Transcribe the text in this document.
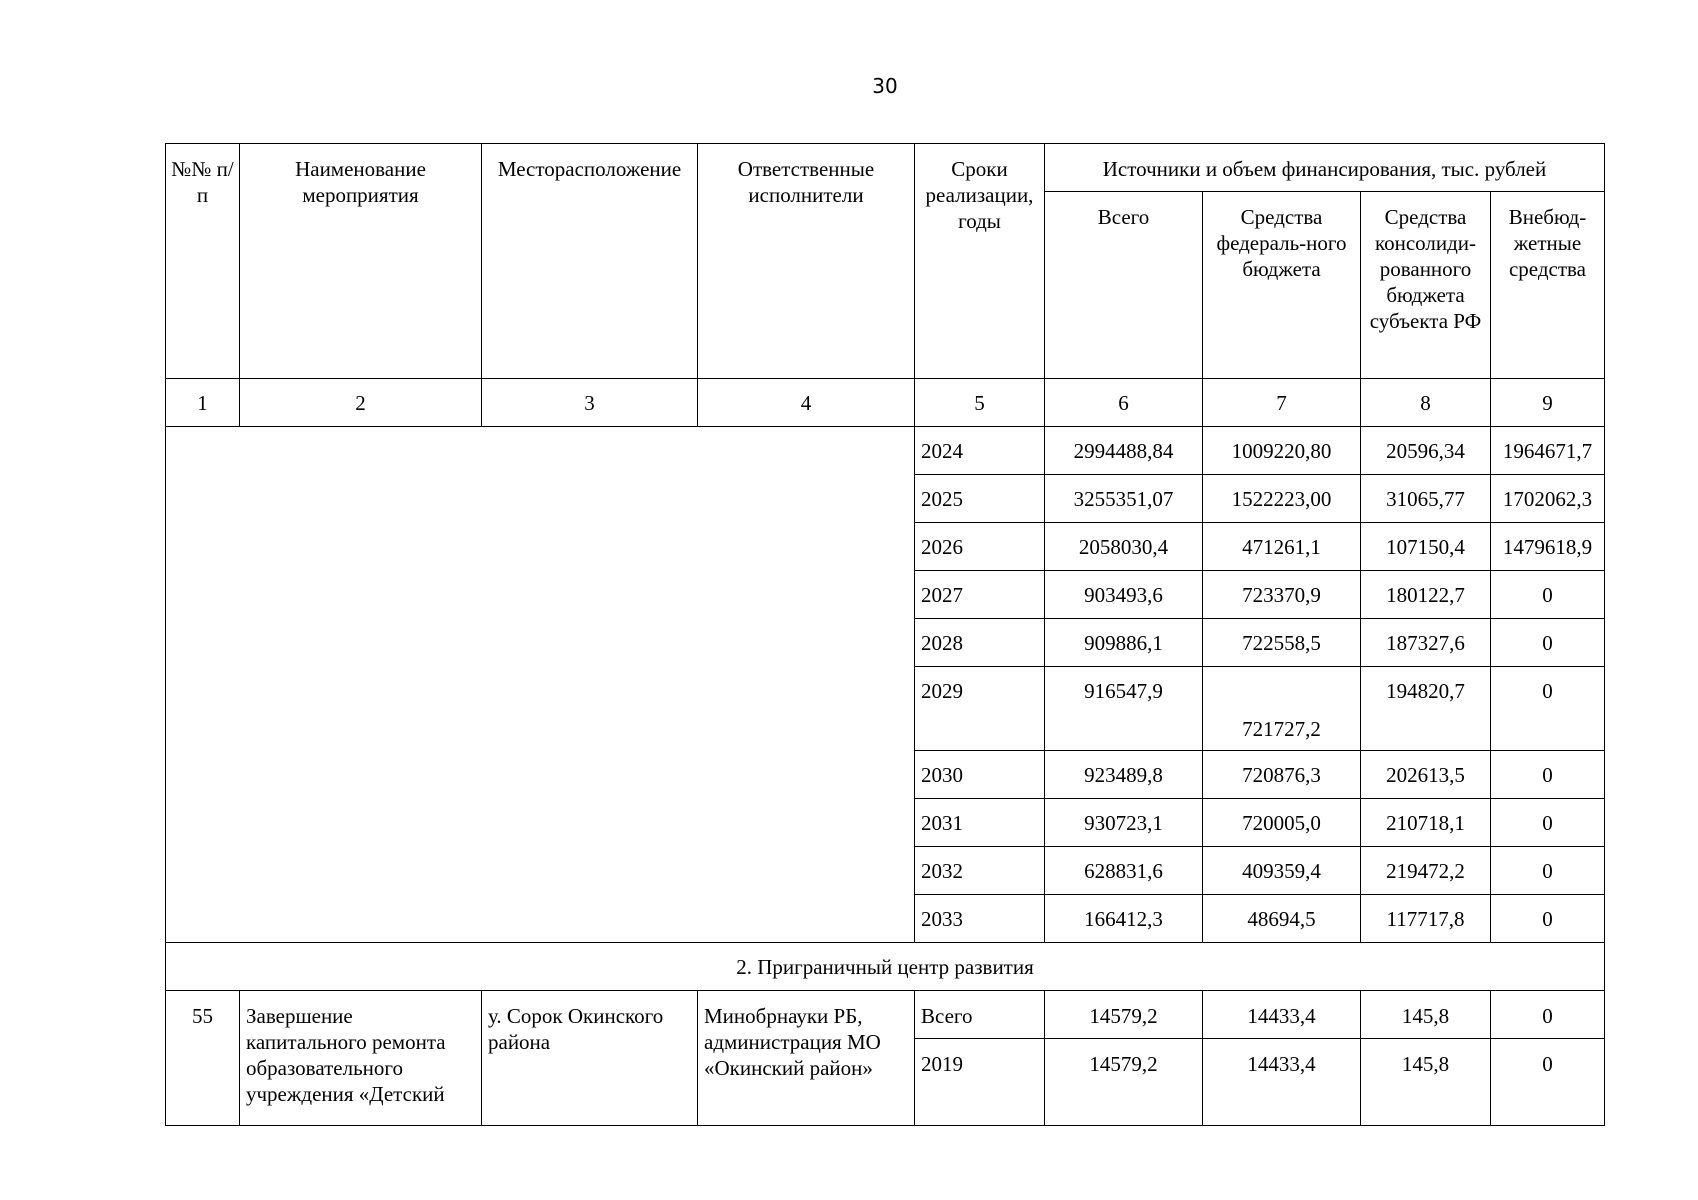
30
№№ п/п	Наименование мероприятия	Месторасположение	Ответственные исполнители	Сроки реализации, годы	Источники и объем финансирования, тыс. рублей			
					Всего	Средства федераль-ного бюджета	Средства консолиди-рованного бюджета субъекта РФ	Внебюд-жетные средства
1	2	3	4	5	6	7	8	9
				2024	2994488,84	1009220,80	20596,34	1964671,7
				2025	3255351,07	1522223,00	31065,77	1702062,3
				2026	2058030,4	471261,1	107150,4	1479618,9
				2027	903493,6	723370,9	180122,7	0
				2028	909886,1	722558,5	187327,6	0
				2029	916547,9	721727,2	194820,7	0
				2030	923489,8	720876,3	202613,5	0
				2031	930723,1	720005,0	210718,1	0
				2032	628831,6	409359,4	219472,2	0
				2033	166412,3	48694,5	117717,8	0
2. Приграничный центр развития								
55	Завершение капитального ремонта образовательного учреждения «Детский	у. Сорок Окинского района	Минобрнауки РБ, администрация МО «Окинский район»	Всего	14579,2	14433,4	145,8	0
				2019	14579,2	14433,4	145,8	0
